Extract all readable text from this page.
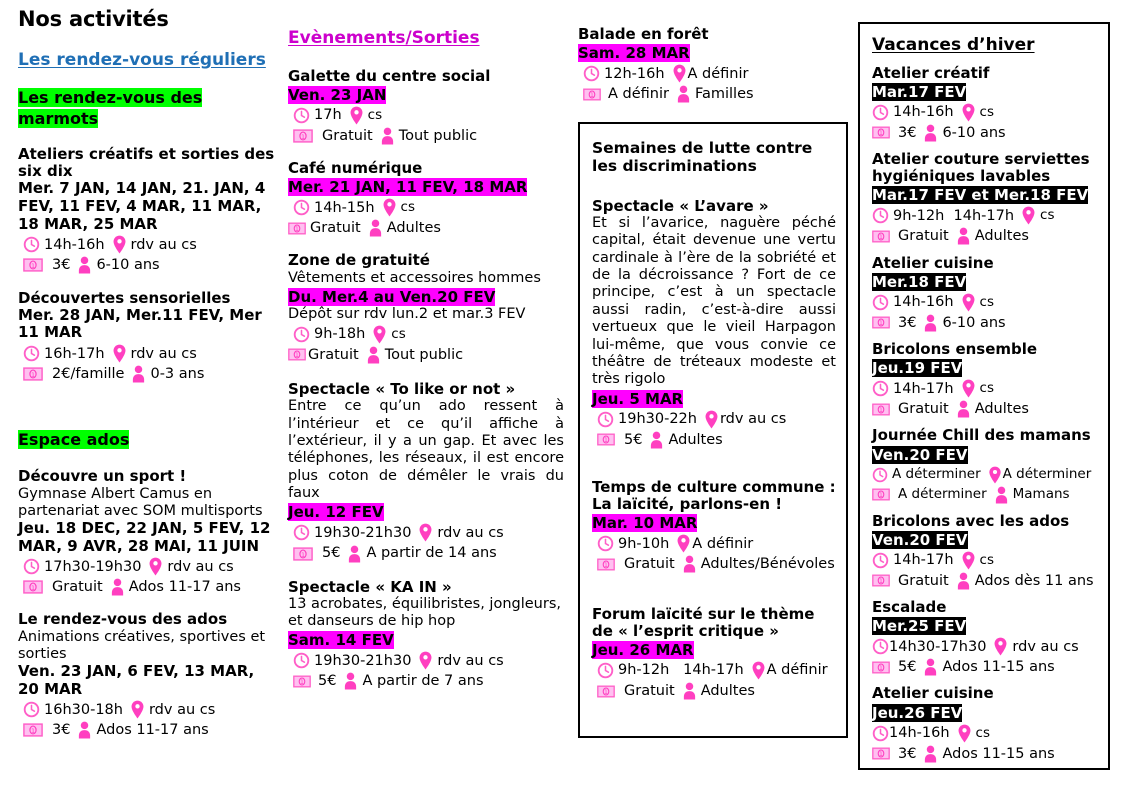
Nos activités
Les rendez-vous réguliers
Les rendez-vous des marmots
Ateliers créatifs et sorties des six dix
Mer. 7 JAN, 14 JAN, 21. JAN, 4 FEV, 11 FEV, 4 MAR, 11 MAR, 18 MAR, 25 MAR
14h-16h rdv au cs
1 3€ 6-10 ans
Découvertes sensorielles
Mer. 28 JAN, Mer.11 FEV, Mer 11 MAR
16h-17h rdv au cs
1 2€/famille 0-3 ans
Espace ados
Découvre un sport !
Gymnase Albert Camus en partenariat avec SOM multisports
Jeu. 18 DEC, 22 JAN, 5 FEV, 12 MAR, 9 AVR, 28 MAI, 11 JUIN
17h30-19h30 rdv au cs
1 Gratuit Ados 11-17 ans
Le rendez-vous des ados
Animations créatives, sportives et sorties
Ven. 23 JAN, 6 FEV, 13 MAR, 20 MAR
16h30-18h rdv au cs
1 3€ Ados 11-17 ans
Evènements/Sorties
Galette du centre social
Ven. 23 JAN
17h cs
1 Gratuit Tout public
Café numérique
Mer. 21 JAN, 11 FEV, 18 MAR
14h-15h cs
1 Gratuit Adultes
Zone de gratuité
Vêtements et accessoires hommes
Du. Mer.4 au Ven.20 FEV
Dépôt sur rdv lun.2 et mar.3 FEV
9h-18h cs
1 Gratuit Tout public
Spectacle « To like or not »
Entre ce qu’un ado ressent à l’intérieur et ce qu’il affiche à l’extérieur, il y a un gap. Et avec les téléphones, les réseaux, il est encore plus coton de démêler le vrais du faux
Jeu. 12 FEV
19h30-21h30 rdv au cs
1 5€ A partir de 14 ans
Spectacle « KA IN »
13 acrobates, équilibristes, jongleurs, et danseurs de hip hop
Sam. 14 FEV
19h30-21h30 rdv au cs
1 5€ A partir de 7 ans
Balade en forêt
Sam. 28 MAR
12h-16h A définir
1 A définir Familles
Semaines de lutte contre les discriminations
Spectacle « L’avare »
Et si l’avarice, naguère péché capital, était devenue une vertu cardinale à l’ère de la sobriété et de la décroissance ? Fort de ce principe, c’est à un spectacle aussi radin, c’est-à-dire aussi vertueux que le vieil Harpagon lui-même, que vous convie ce théâtre de tréteaux modeste et très rigolo
Jeu. 5 MAR
19h30-22h rdv au cs
1 5€ Adultes
Temps de culture commune : La laïcité, parlons-en !
Mar. 10 MAR
9h-10h A définir
1 Gratuit Adultes/Bénévoles
Forum laïcité sur le thème de « l’esprit critique »
Jeu. 26 MAR
9h-12h   14h-17h A définir
1 Gratuit Adultes
Vacances d’hiver
Atelier créatif
Mar.17 FEV
14h-16h cs
1 3€ 6-10 ans
Atelier couture serviettes hygiéniques lavables
Mar.17 FEV et Mer.18 FEV
9h-12h  14h-17h cs
1 Gratuit Adultes
Atelier cuisine
Mer.18 FEV
14h-16h cs
1 3€ 6-10 ans
Bricolons ensemble
Jeu.19 FEV
14h-17h cs
1 Gratuit Adultes
Journée Chill des mamans
Ven.20 FEV
A déterminer A déterminer
1 A déterminer Mamans
Bricolons avec les ados
Ven.20 FEV
14h-17h cs
1 Gratuit Ados dès 11 ans
Escalade
Mer.25 FEV
14h30-17h30 rdv au cs
1 5€ Ados 11-15 ans
Atelier cuisine
Jeu.26 FEV
14h-16h cs
1 3€ Ados 11-15 ans
